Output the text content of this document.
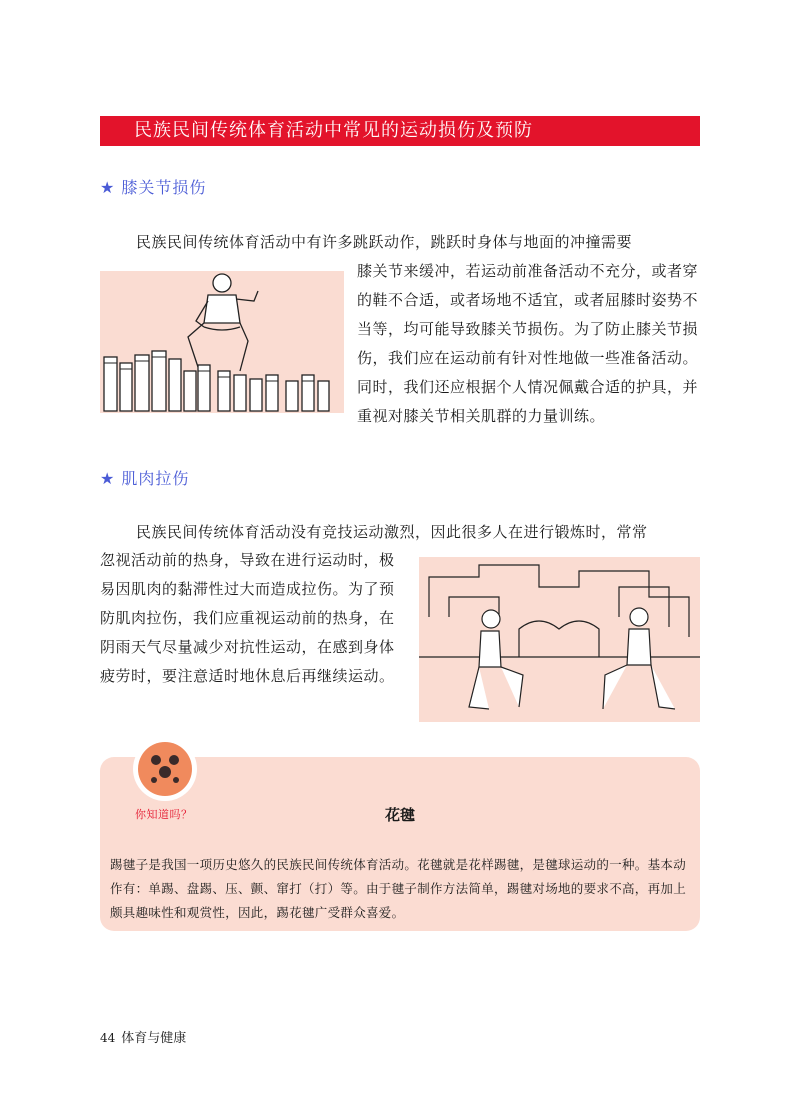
民族民间传统体育活动中常见的运动损伤及预防
★ 膝关节损伤

民族民间传统体育活动中有许多跳跃动作，跳跃时身体与地面的冲撞需要

膝关节来缓冲，若运动前准备活动不充分，或者穿的鞋不合适，或者场地不适宜，或者屈膝时姿势不当等，均可能导致膝关节损伤。为了防止膝关节损伤，我们应在运动前有针对性地做一些准备活动。同时，我们还应根据个人情况佩戴合适的护具，并重视对膝关节相关肌群的力量训练。

★ 肌肉拉伤

民族民间传统体育活动没有竞技运动激烈，因此很多人在进行锻炼时，常常

忽视活动前的热身，导致在进行运动时，极易因肌肉的黏滞性过大而造成拉伤。为了预防肌肉拉伤，我们应重视运动前的热身，在阴雨天气尽量减少对抗性运动，在感到身体疲劳时，要注意适时地休息后再继续运动。

你知道吗？	花毽

踢毽子是我国一项历史悠久的民族民间传统体育活动。花毽就是花样踢毽，是毽球运动的一种。基本动作有：单踢、盘踢、压、颤、窜打（打）等。由于毽子制作方法简单，踢毽对场地的要求不高，再加上颇具趣味性和观赏性，因此，踢花毽广受群众喜爱。

44 体育与健康
